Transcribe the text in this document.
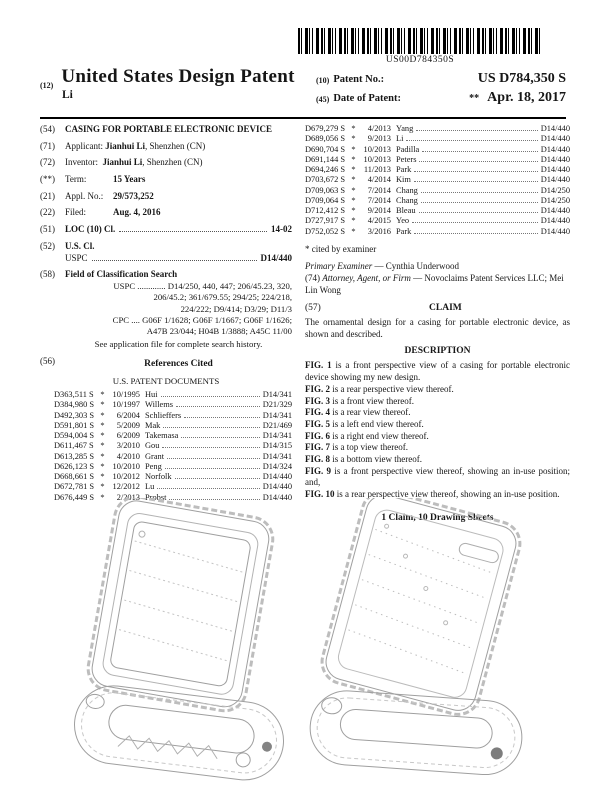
US00D784350S
$_{(12)}$ United States Design Patent
Li
(10) Patent No.:	US D784,350 S
(45) Date of Patent:	** Apr. 18, 2017
(54)	CASING FOR PORTABLE ELECTRONIC DEVICE
(71)	Applicant: Jianhui Li, Shenzhen (CN)
(72)	Inventor: Jianhui Li, Shenzhen (CN)
(**)	Term:	15 Years
(21)	Appl. No.:	29/573,252
(22)	Filed:	Aug. 4, 2016
(51)	LOC (10) Cl.	14-02
(52)	U.S. Cl.
USPC	D14/440
(58)	Field of Classification Search
USPC ............. D14/250, 440, 447; 206/45.23, 320,
206/45.2; 361/679.55; 294/25; 224/218,
224/222; D9/414; D3/29; D11/3
CPC .... G06F 1/1628; G06F 1/1667; G06F 1/1626;
A47B 23/044; H04B 1/3888; A45C 11/00
See application file for complete search history.
(56)	References Cited
U.S. PATENT DOCUMENTS
D363,511 S * 10/1995 Hui	D14/341
D384,980 S * 10/1997 Willems	D21/329
D492,303 S *	6/2004 Schlieffers	D14/341
D591,801 S *	5/2009 Mak	D21/469
D594,004 S *	6/2009 Takemasa	D14/341
D611,467 S *	3/2010 Gou	D14/315
D613,285 S *	4/2010 Grant	D14/341
D626,123 S * 10/2010 Peng	D14/324
D668,661 S * 10/2012 Norfolk	D14/440
D672,781 S * 12/2012 Lu	D14/440
D676,449 S *	2/2013 Probst	D14/440
D679,279 S *	4/2013 Yang	D14/440
D689,056 S *	9/2013 Li	D14/440
D690,704 S * 10/2013 Padilla	D14/440
D691,144 S * 10/2013 Peters	D14/440
D694,246 S * 11/2013 Park	D14/440
D703,672 S *	4/2014 Kim	D14/440
D709,063 S *	7/2014 Chang	D14/250
D709,064 S *	7/2014 Chang	D14/250
D712,412 S *	9/2014 Bleau	D14/440
D727,917 S *	4/2015 Yeo	D14/440
D752,052 S *	3/2016 Park	D14/440
* cited by examiner
Primary Examiner — Cynthia Underwood
(74) Attorney, Agent, or Firm — Novoclaims Patent Services LLC; Mei Lin Wong
(57)	CLAIM
The ornamental design for a casing for portable electronic device, as shown and described.
DESCRIPTION
FIG. 1 is a front perspective view of a casing for portable electronic device showing my new design.
FIG. 2 is a rear perspective view thereof.
FIG. 3 is a front view thereof.
FIG. 4 is a rear view thereof.
FIG. 5 is a left end view thereof.
FIG. 6 is a right end view thereof.
FIG. 7 is a top view thereof.
FIG. 8 is a bottom view thereof.
FIG. 9 is a front perspective view thereof, showing an in-use position; and,
FIG. 10 is a rear perspective view thereof, showing an in-use position.
1 Claim, 10 Drawing Sheets
